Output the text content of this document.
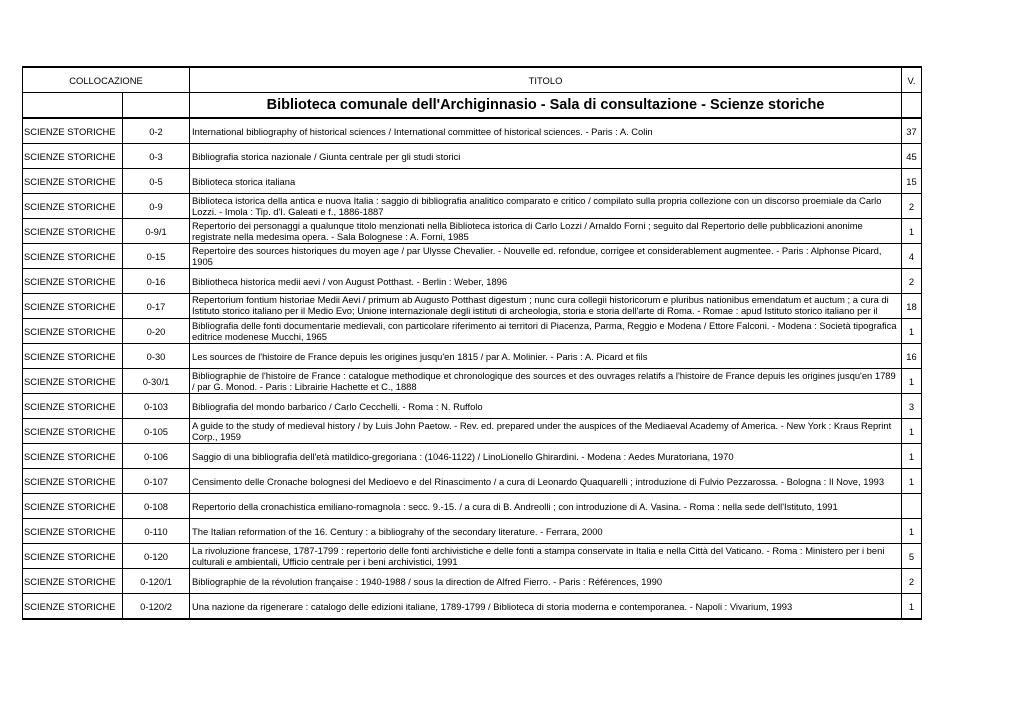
COLLOCAZIONE		TITOLO	V.
		Biblioteca comunale dell'Archiginnasio - Sala di consultazione - Scienze storiche	
SCIENZE STORICHE	0-2	International bibliography of historical sciences / International committee of historical sciences. - Paris : A. Colin	37
SCIENZE STORICHE	0-3	Bibliografia storica nazionale / Giunta centrale per gli studi storici	45
SCIENZE STORICHE	0-5	Biblioteca storica italiana	15
SCIENZE STORICHE	0-9	Biblioteca istorica della antica e nuova Italia : saggio di bibliografia analitico comparato e critico / compilato sulla propria collezione con un discorso proemiale da Carlo Lozzi. - Imola : Tip. d'I. Galeati e f., 1886-1887	2
SCIENZE STORICHE	0-9/1	Repertorio dei personaggi a qualunque titolo menzionati nella Biblioteca istorica di Carlo Lozzi / Arnaldo Forni ; seguito dal Repertorio delle pubblicazioni anonime registrate nella medesima opera. - Sala Bolognese : A. Forni, 1985	1
SCIENZE STORICHE	0-15	Repertoire des sources historiques du moyen age / par Ulysse Chevalier. - Nouvelle ed. refondue, corrigee et considerablement augmentee. - Paris : Alphonse Picard, 1905	4
SCIENZE STORICHE	0-16	Bibliotheca historica medii aevi / von August Potthast. - Berlin : Weber, 1896	2
SCIENZE STORICHE	0-17	Repertorium fontium historiae Medii Aevi / primum ab Augusto Potthast digestum ; nunc cura collegii historicorum e pluribus nationibus emendatum et auctum ; a cura di Istituto storico italiano per il Medio Evo; Unione internazionale degli istituti di archeologia, storia e storia dell'arte di Roma. - Romae : apud Istituto storico italiano per il	18
SCIENZE STORICHE	0-20	Bibliografia delle fonti documentarie medievali, con particolare riferimento ai territori di Piacenza, Parma, Reggio e Modena / Ettore Falconi. - Modena : Società tipografica editrice modenese Mucchi, 1965	1
SCIENZE STORICHE	0-30	Les sources de l'histoire de France depuis les origines jusqu'en 1815 / par A. Molinier. - Paris : A. Picard et fils	16
SCIENZE STORICHE	0-30/1	Bibliographie de l'histoire de France : catalogue methodique et chronologique des sources et des ouvrages relatifs a l'histoire de France depuis les origines jusqu'en 1789 / par G. Monod. - Paris : Librairie Hachette et C., 1888	1
SCIENZE STORICHE	0-103	Bibliografia del mondo barbarico / Carlo Cecchelli. - Roma : N. Ruffolo	3
SCIENZE STORICHE	0-105	A guide to the study of medieval history / by Luis John Paetow. - Rev. ed. prepared under the auspices of the Mediaeval Academy of America. - New York : Kraus Reprint Corp., 1959	1
SCIENZE STORICHE	0-106	Saggio di una bibliografia dell'età matildico-gregoriana : (1046-1122) / LinoLionello Ghirardini. - Modena : Aedes Muratoriana, 1970	1
SCIENZE STORICHE	0-107	Censimento delle Cronache bolognesi del Medioevo e del Rinascimento / a cura di Leonardo Quaquarelli ; introduzione di Fulvio Pezzarossa. - Bologna : Il Nove, 1993	1
SCIENZE STORICHE	0-108	Repertorio della cronachistica emiliano-romagnola : secc. 9.-15. / a cura di B. Andreolli ; con introduzione di A. Vasina. - Roma : nella sede dell'Istituto, 1991	

SCIENZE STORICHE	0-110	The Italian reformation of the 16. Century : a bibliograhy of the secondary literature. - Ferrara, 2000	1
SCIENZE STORICHE	0-120	La rivoluzione francese, 1787-1799 : repertorio delle fonti archivistiche e delle fonti a stampa conservate in Italia e nella Città del Vaticano. - Roma : Ministero per i beni culturali e ambientali, Ufficio centrale per i beni archivistici, 1991	5
SCIENZE STORICHE	0-120/1	Bibliographie de la révolution française : 1940-1988 / sous la direction de Alfred Fierro. - Paris : Références, 1990	2
SCIENZE STORICHE	0-120/2	Una nazione da rigenerare : catalogo delle edizioni italiane, 1789-1799 / Biblioteca di storia moderna e contemporanea. - Napoli : Vivarium, 1993	1
